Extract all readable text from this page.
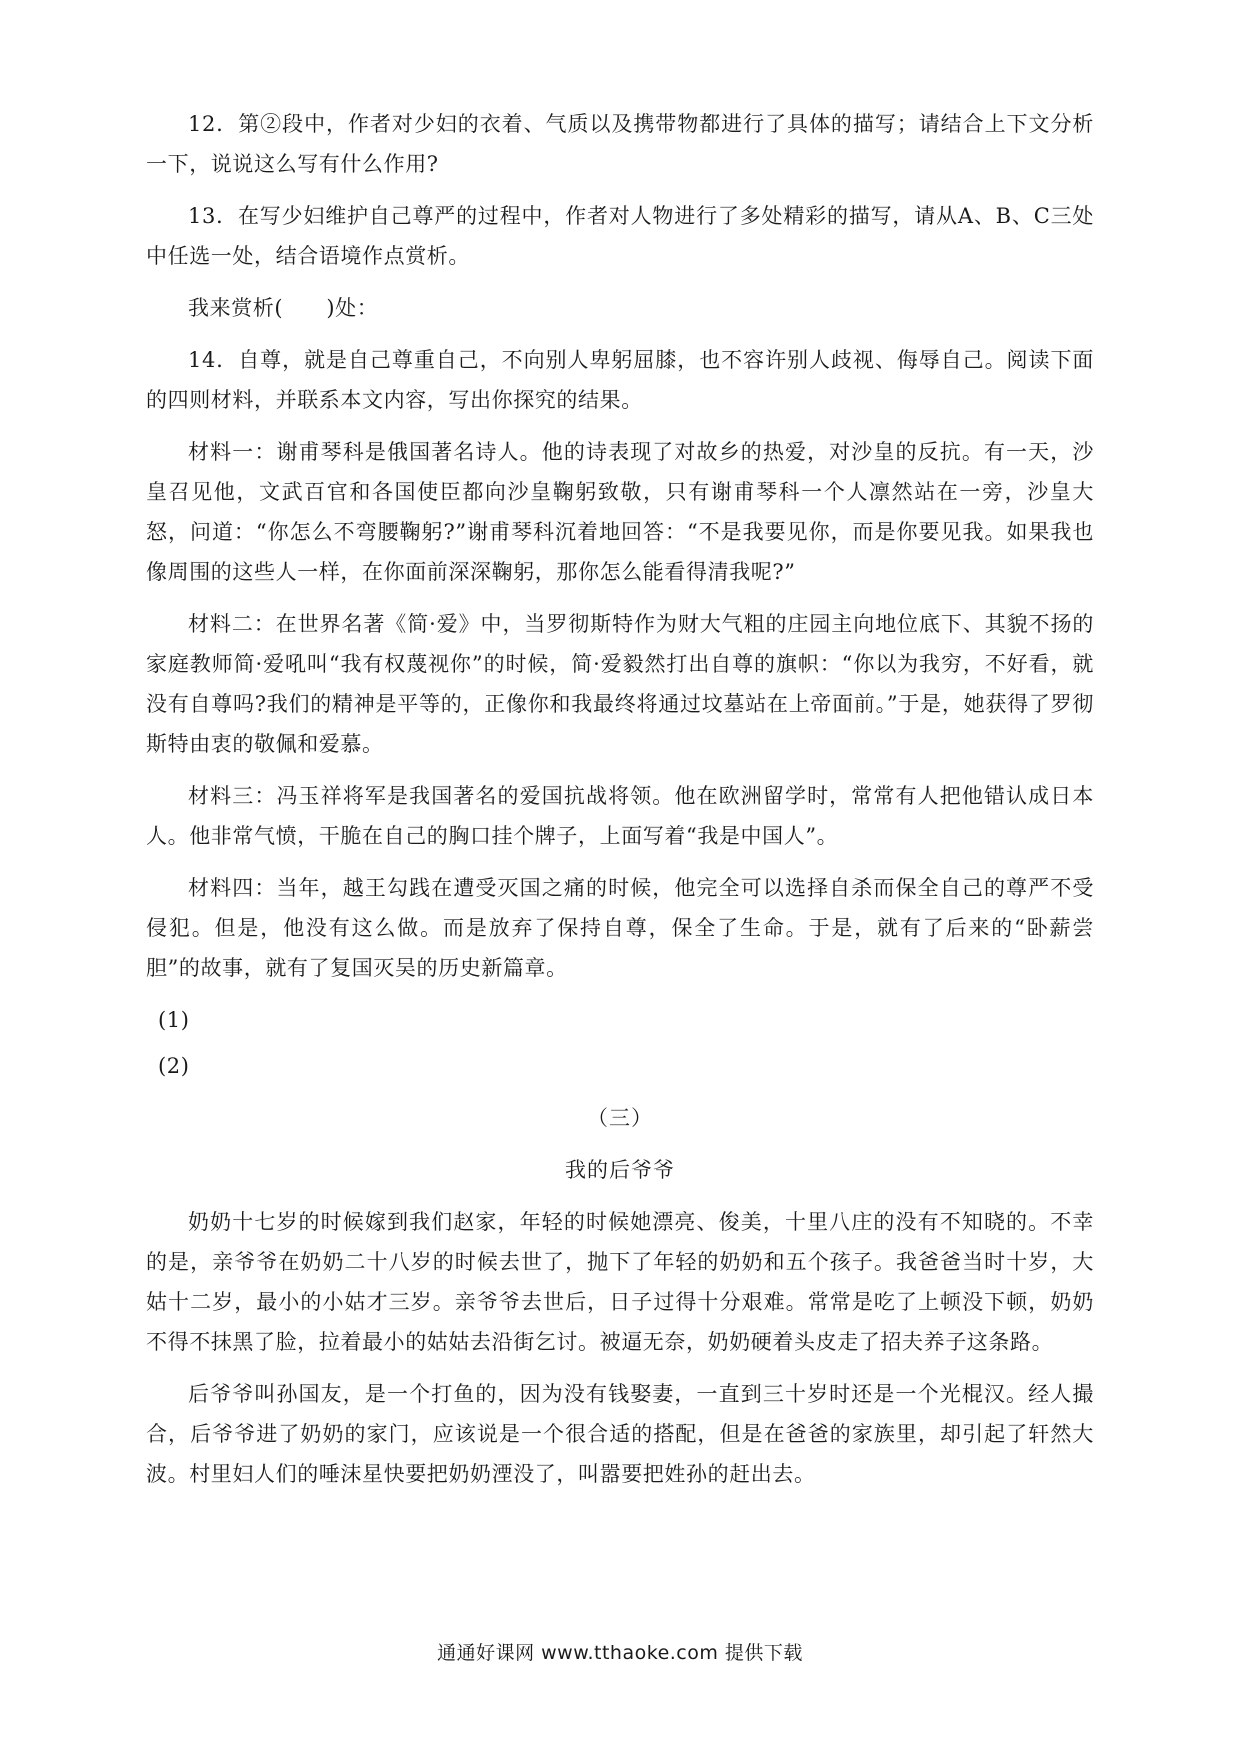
12．第②段中，作者对少妇的衣着、气质以及携带物都进行了具体的描写；请结合上下文分析一下，说说这么写有什么作用?

13．在写少妇维护自己尊严的过程中，作者对人物进行了多处精彩的描写，请从A、B、C三处中任选一处，结合语境作点赏析。

我来赏析(　　)处：

14．自尊，就是自己尊重自己，不向别人卑躬屈膝，也不容许别人歧视、侮辱自己。阅读下面的四则材料，并联系本文内容，写出你探究的结果。

材料一：谢甫琴科是俄国著名诗人。他的诗表现了对故乡的热爱，对沙皇的反抗。有一天，沙皇召见他，文武百官和各国使臣都向沙皇鞠躬致敬，只有谢甫琴科一个人凛然站在一旁，沙皇大怒，问道：“你怎么不弯腰鞠躬?”谢甫琴科沉着地回答：“不是我要见你，而是你要见我。如果我也像周围的这些人一样，在你面前深深鞠躬，那你怎么能看得清我呢?”

材料二：在世界名著《简·爱》中，当罗彻斯特作为财大气粗的庄园主向地位底下、其貌不扬的家庭教师简·爱吼叫“我有权蔑视你”的时候，简·爱毅然打出自尊的旗帜：“你以为我穷，不好看，就没有自尊吗?我们的精神是平等的，正像你和我最终将通过坟墓站在上帝面前。”于是，她获得了罗彻斯特由衷的敬佩和爱慕。

材料三：冯玉祥将军是我国著名的爱国抗战将领。他在欧洲留学时，常常有人把他错认成日本人。他非常气愤，干脆在自己的胸口挂个牌子，上面写着“我是中国人”。

材料四：当年，越王勾践在遭受灭国之痛的时候，他完全可以选择自杀而保全自己的尊严不受侵犯。但是，他没有这么做。而是放弃了保持自尊，保全了生命。于是，就有了后来的“卧薪尝胆”的故事，就有了复国灭吴的历史新篇章。

(1)

(2)

（三）

我的后爷爷

奶奶十七岁的时候嫁到我们赵家，年轻的时候她漂亮、俊美，十里八庄的没有不知晓的。不幸的是，亲爷爷在奶奶二十八岁的时候去世了，抛下了年轻的奶奶和五个孩子。我爸爸当时十岁，大姑十二岁，最小的小姑才三岁。亲爷爷去世后，日子过得十分艰难。常常是吃了上顿没下顿，奶奶不得不抹黑了脸，拉着最小的姑姑去沿街乞讨。被逼无奈，奶奶硬着头皮走了招夫养子这条路。

后爷爷叫孙国友，是一个打鱼的，因为没有钱娶妻，一直到三十岁时还是一个光棍汉。经人撮合，后爷爷进了奶奶的家门，应该说是一个很合适的搭配，但是在爸爸的家族里，却引起了轩然大波。村里妇人们的唾沫星快要把奶奶湮没了，叫嚣要把姓孙的赶出去。

通通好课网 www.tthaoke.com 提供下载
